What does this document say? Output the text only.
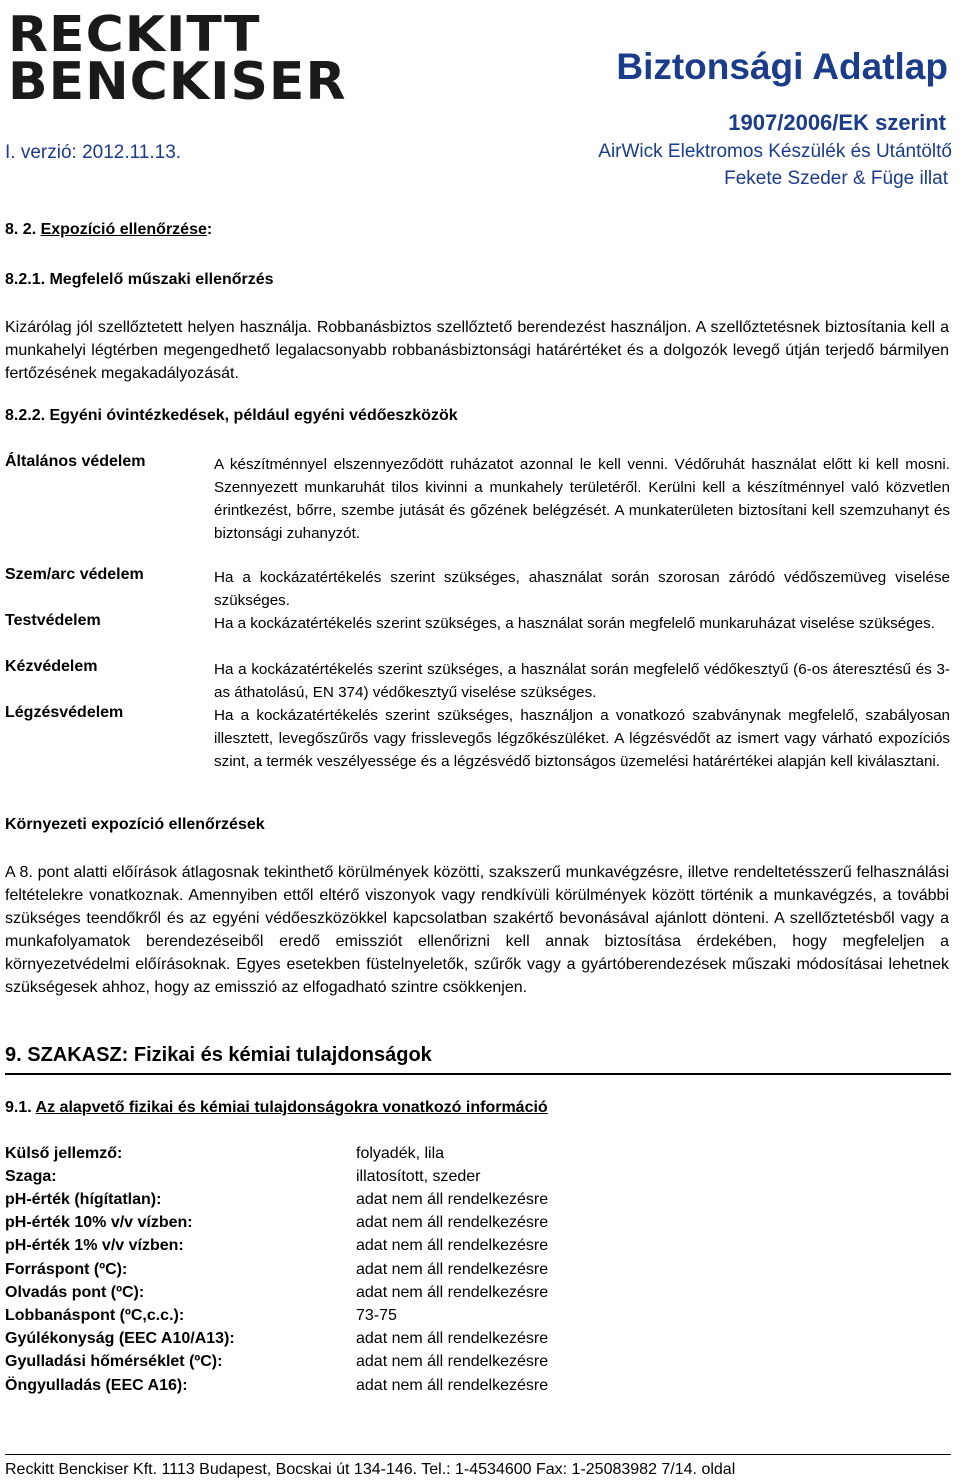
RECKITT
BENCKISER	Biztonsági Adatlap
1907/2006/EK szerint
I. verzió: 2012.11.13.	AirWick Elektromos Készülék és Utántöltő
Fekete Szeder & Füge illat
8. 2. Expozíció ellenőrzése:
8.2.1. Megfelelő műszaki ellenőrzés

Kizárólag jól szellőztetett helyen használja. Robbanásbiztos szellőztető berendezést használjon. A szellőztetésnek biztosítania kell a munkahelyi légtérben megengedhető legalacsonyabb robbanásbiztonsági határértéket és a dolgozók levegő útján terjedő bármilyen fertőzésének megakadályozását.

8.2.2. Egyéni óvintézkedések, például egyéni védőeszközök
Általános védelem	A készítménnyel elszennyeződött ruházatot azonnal le kell venni. Védőruhát használat előtt ki kell mosni. Szennyezett munkaruhát tilos kivinni a munkahely területéről. Kerülni kell a készítménnyel való közvetlen érintkezést, bőrre, szembe jutását és gőzének belégzését. A munkaterületen biztosítani kell szemzuhanyt és biztonsági zuhanyzót.

Szem/arc védelem	Ha a kockázatértékelés szerint szükséges, ahasználat során szorosan záródó védőszemüveg viselése szükséges.

Testvédelem	Ha a kockázatértékelés szerint szükséges, a használat során megfelelő munkaruházat viselése szükséges.

Kézvédelem	Ha a kockázatértékelés szerint szükséges, a használat során megfelelő védőkesztyű (6-os áteresztésű és 3-as áthatolású, EN 374) védőkesztyű viselése szükséges.

Légzésvédelem	Ha a kockázatértékelés szerint szükséges, használjon a vonatkozó szabványnak megfelelő, szabályosan illesztett, levegőszűrős vagy frisslevegős légzőkészüléket. A légzésvédőt az ismert vagy várható expozíciós szint, a termék veszélyessége és a légzésvédő biztonságos üzemelési határértékei alapján kell kiválasztani.

Környezeti expozíció ellenőrzések

A 8. pont alatti előírások átlagosnak tekinthető körülmények közötti, szakszerű munkavégzésre, illetve rendeltetésszerű felhasználási feltételekre vonatkoznak. Amennyiben ettől eltérő viszonyok vagy rendkívüli körülmények között történik a munkavégzés, a további szükséges teendőkről és az egyéni védőeszközökkel kapcsolatban szakértő bevonásával ajánlott dönteni. A szellőztetésből vagy a munkafolyamatok berendezéseiből eredő emissziót ellenőrizni kell annak biztosítása érdekében, hogy megfeleljen a környezetvédelmi előírásoknak. Egyes esetekben füstelnyeletők, szűrők vagy a gyártóberendezések műszaki módosításai lehetnek szükségesek ahhoz, hogy az emisszió az elfogadható szintre csökkenjen.

9. SZAKASZ: Fizikai és kémiai tulajdonságok
9.1. Az alapvető fizikai és kémiai tulajdonságokra vonatkozó információ
Külső jellemző:	folyadék, lila
Szaga:	illatosított, szeder
pH-érték (hígítatlan):	adat nem áll rendelkezésre
pH-érték 10% v/v vízben:	adat nem áll rendelkezésre
pH-érték 1% v/v vízben:	adat nem áll rendelkezésre
Forráspont (ºC):	adat nem áll rendelkezésre
Olvadás pont (ºC):	adat nem áll rendelkezésre
Lobbanáspont (ºC,c.c.):	73-75
Gyúlékonyság (EEC A10/A13):	adat nem áll rendelkezésre
Gyulladási hőmérséklet (ºC):	adat nem áll rendelkezésre
Öngyulladás (EEC A16):	adat nem áll rendelkezésre
Reckitt Benckiser Kft. 1113 Budapest, Bocskai út 134-146. Tel.: 1-4534600 Fax: 1-25083982 7/14. oldal
